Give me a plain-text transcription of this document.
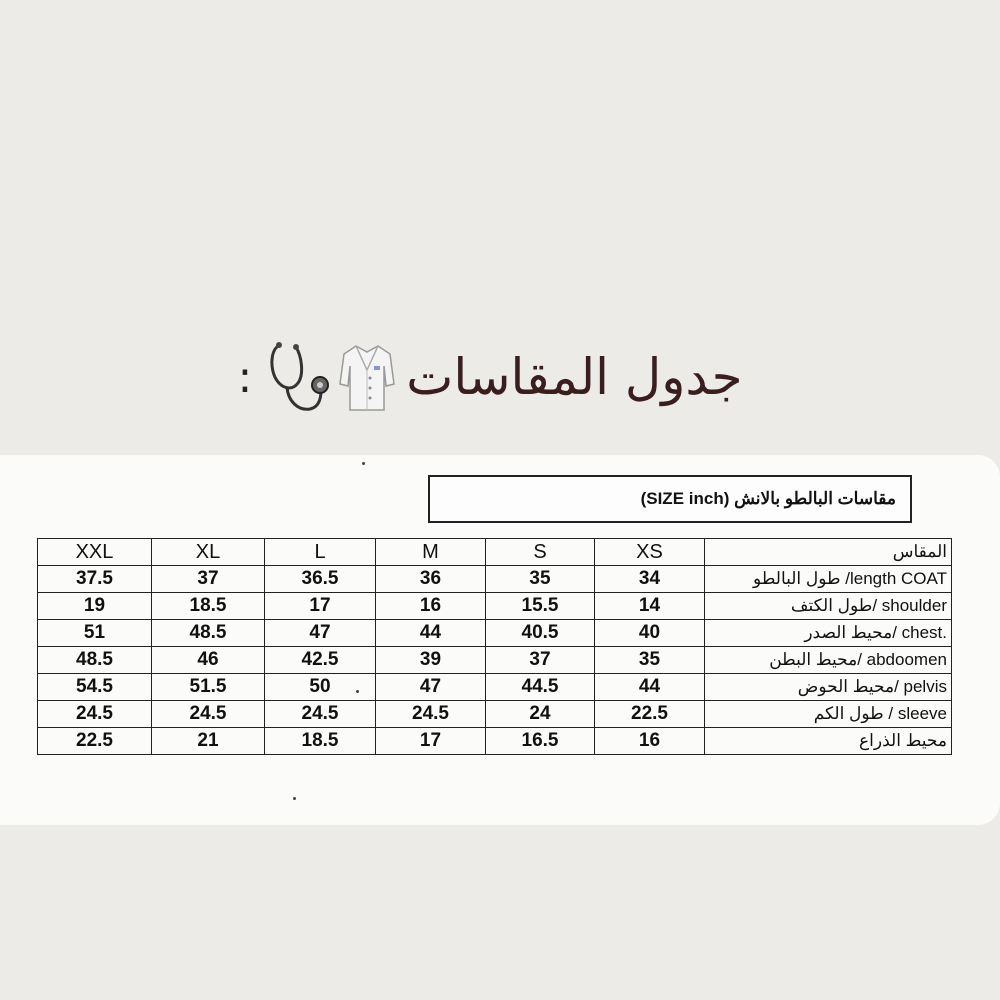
:	جدول المقاسات
مقاسات البالطو بالانش (SIZE inch)
XXL	XL	L	M	S	XS	المقاس
37.5	37	36.5	36	35	34	طول البالطو /length COAT
19	18.5	17	16	15.5	14	طول الكتف/ shoulder
51	48.5	47	44	40.5	40	محيط الصدر/ chest.
48.5	46	42.5	39	37	35	محيط البطن/ abdoomen
54.5	51.5	50	47	44.5	44	محيط الحوض/ pelvis
24.5	24.5	24.5	24.5	24	22.5	طول الكم / sleeve
22.5	21	18.5	17	16.5	16	محيط الذراع
